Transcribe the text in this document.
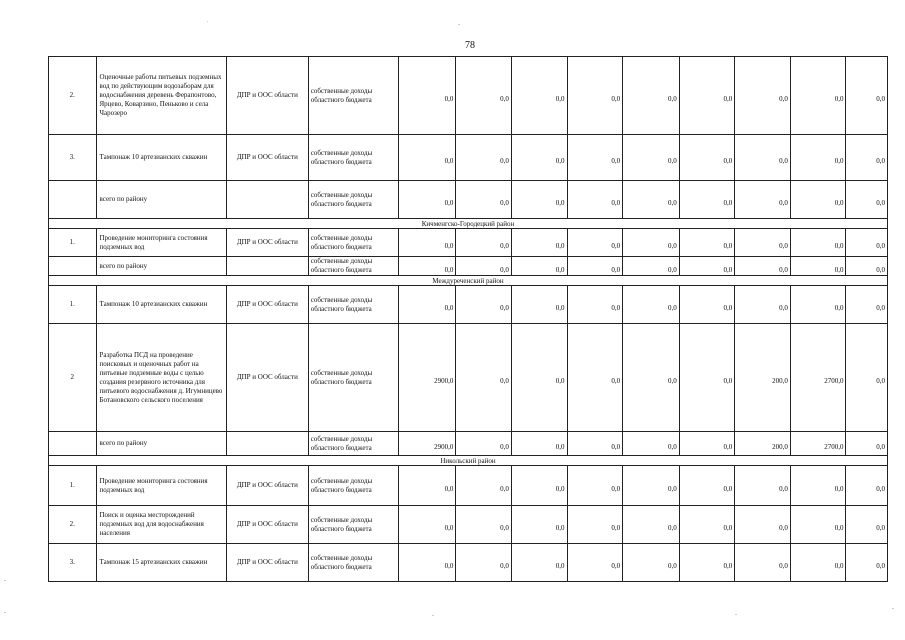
78
.
-
-
-	-	-
-
2.	Оценочные работы питьевых подземных вод по действующим водозаборам для водоснабжения деревень Ферапонтово, Ярцево, Коварзино, Пеньково и села Чарозеро	ДПР и ООС области	собственные доходы областного бюджета	0,0	0,0	0,0	0,0	0,0	0,0	0,0	0,0	0,0
3.	Тампонаж 10 артезианских скважин	ДПР и ООС области	собственные доходы областного бюджета	0,0	0,0	0,0	0,0	0,0	0,0	0,0	0,0	0,0
	всего по району		собственные доходы областного бюджета	0,0	0,0	0,0	0,0	0,0	0,0	0,0	0,0	0,0
Кичменгско-Городецкий район												
1.	Проведение мониторинга состояния подземных вод	ДПР и ООС области	собственные доходы областного бюджета	0,0	0,0	0,0	0,0	0,0	0,0	0,0	0,0	0,0
	всего по району		собственные доходы областного бюджета	0,0	0,0	0,0	0,0	0,0	0,0	0,0	0,0	0,0
Междуреченский район												
1.	Тампонаж 10 артезианских скважин	ДПР и ООС области	собственные доходы областного бюджета	0,0	0,0	0,0	0,0	0,0	0,0	0,0	0,0	0,0
2	Разработка ПСД на проведение поисковых и оценочных работ на питьевые подземные воды с целью создания резервного источника для питьевого водоснабжения д. Игумницево Ботановского сельского поселения	ДПР и ООС области	собственные доходы областного бюджета	2900,0	0,0	0,0	0,0	0,0	0,0	200,0	2700,0	0,0
	всего по району		собственные доходы областного бюджета	2900,0	0,0	0,0	0,0	0,0	0,0	200,0	2700,0	0,0
Никольский район												
1.	Проведение мониторинга состояния подземных вод	ДПР и ООС области	собственные доходы областного бюджета	0,0	0,0	0,0	0,0	0,0	0,0	0,0	0,0	0,0
2.	Поиск и оценка месторождений подземных вод для водоснабжения населения	ДПР и ООС области	собственные доходы областного бюджета	0,0	0,0	0,0	0,0	0,0	0,0	0,0	0,0	0,0
3.	Тампонаж 15 артезианских скважин	ДПР и ООС области	собственные доходы областного бюджета	0,0	0,0	0,0	0,0	0,0	0,0	0,0	0,0	0,0
